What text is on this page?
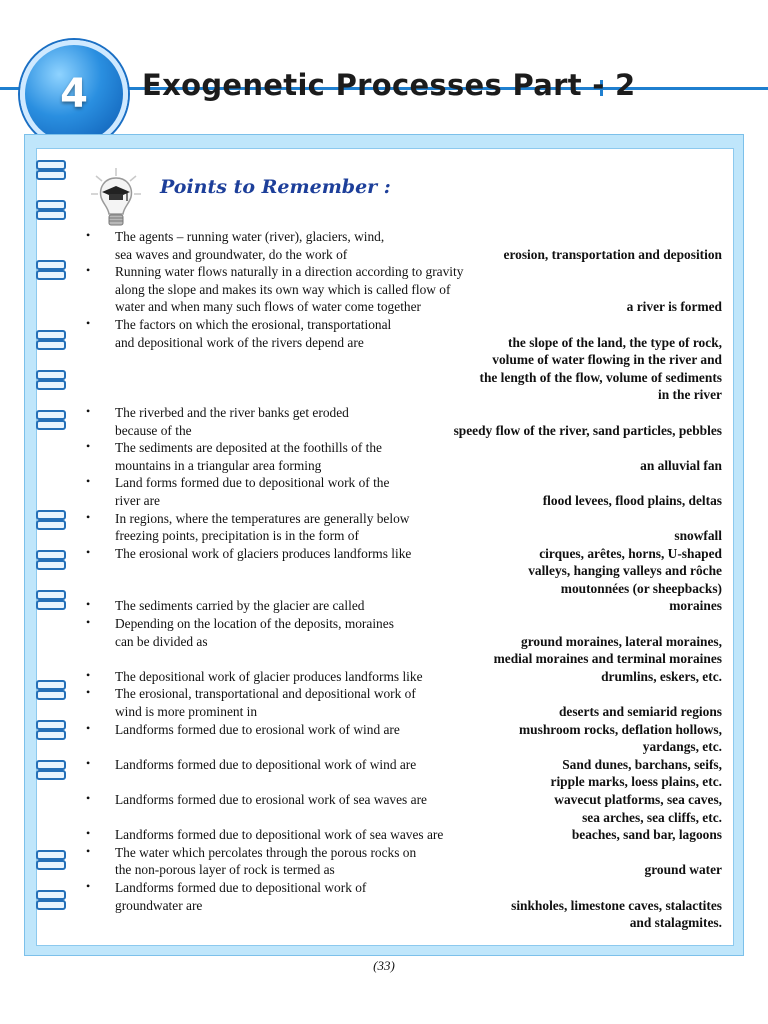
4 Exogenetic Processes Part - 2
Points to Remember :
• The agents – running water (river), glaciers, wind,
sea waves and groundwater, do the work of	erosion, transportation and deposition
• Running water flows naturally in a direction according to gravity
along the slope and makes its own way which is called flow of
water and when many such flows of water come together	a river is formed
• The factors on which the erosional, transportational
and depositional work of the rivers depend are	the slope of the land, the type of rock,
volume of water flowing in the river and
the length of the flow, volume of sediments
in the river
• The riverbed and the river banks get eroded
because of the	speedy flow of the river, sand particles, pebbles
• The sediments are deposited at the foothills of the
mountains in a triangular area forming	an alluvial fan
• Land forms formed due to depositional work of the
river are	flood levees, flood plains, deltas
• In regions, where the temperatures are generally below
freezing points, precipitation is in the form of	snowfall
• The erosional work of glaciers produces landforms like	cirques, arêtes, horns, U-shaped
valleys, hanging valleys and rôche
moutonnées (or sheepbacks)
• The sediments carried by the glacier are called	moraines
• Depending on the location of the deposits, moraines
can be divided as	ground moraines, lateral moraines,
medial moraines and terminal moraines
• The depositional work of glacier produces landforms like	drumlins, eskers, etc.
• The erosional, transportational and depositional work of
wind is more prominent in	deserts and semiarid regions
• Landforms formed due to erosional work of wind are	mushroom rocks, deflation hollows,
yardangs, etc.
• Landforms formed due to depositional work of wind are	Sand dunes, barchans, seifs,
ripple marks, loess plains, etc.
• Landforms formed due to erosional work of sea waves are	wavecut platforms, sea caves,
sea arches, sea cliffs, etc.
• Landforms formed due to depositional work of sea waves are	beaches, sand bar, lagoons
• The water which percolates through the porous rocks on
the non-porous layer of rock is termed as	ground water
• Landforms formed due to depositional work of
groundwater are	sinkholes, limestone caves, stalactites
and stalagmites.
(33)
